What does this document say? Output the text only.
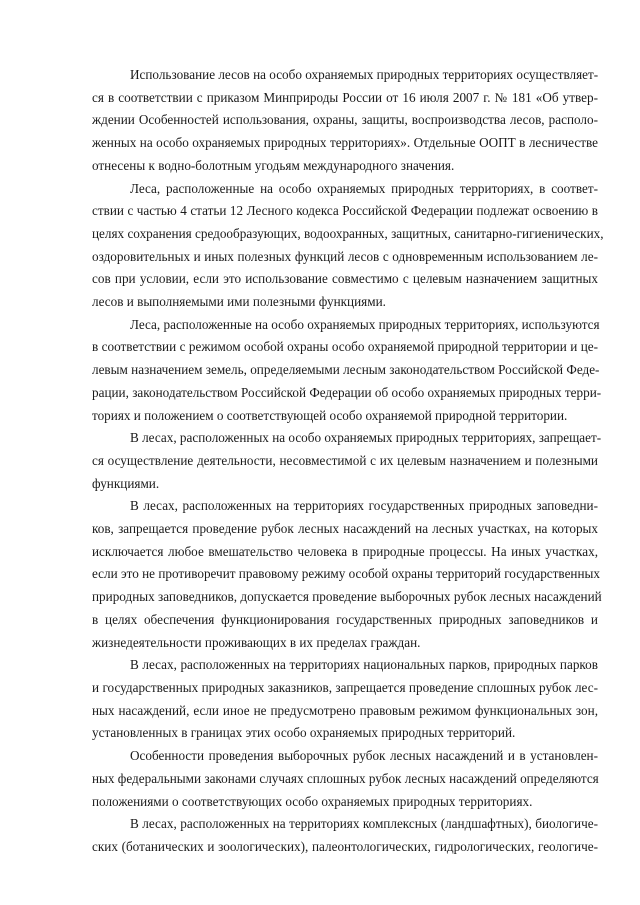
Использование лесов на особо охраняемых природных территориях осуществляет-
ся в соответствии с приказом Минприроды России от 16 июля 2007 г. № 181 «Об утвер-
ждении Особенностей использования, охраны, защиты, воспроизводства лесов, располо-
женных на особо охраняемых природных территориях». Отдельные ООПТ в лесничестве
отнесены к водно-болотным угодьям международного значения.
Леса, расположенные на особо охраняемых природных территориях, в соответ-
ствии с частью 4 статьи 12 Лесного кодекса Российской Федерации подлежат освоению в
целях сохранения средообразующих, водоохранных, защитных, санитарно-гигиенических,
оздоровительных и иных полезных функций лесов с одновременным использованием ле-
сов при условии, если это использование совместимо с целевым назначением защитных
лесов и выполняемыми ими полезными функциями.
Леса, расположенные на особо охраняемых природных территориях, используются
в соответствии с режимом особой охраны особо охраняемой природной территории и це-
левым назначением земель, определяемыми лесным законодательством Российской Феде-
рации, законодательством Российской Федерации об особо охраняемых природных терри-
ториях и положением о соответствующей особо охраняемой природной территории.
В лесах, расположенных на особо охраняемых природных территориях, запрещает-
ся осуществление деятельности, несовместимой с их целевым назначением и полезными
функциями.
В лесах, расположенных на территориях государственных природных заповедни-
ков, запрещается проведение рубок лесных насаждений на лесных участках, на которых
исключается любое вмешательство человека в природные процессы. На иных участках,
если это не противоречит правовому режиму особой охраны территорий государственных
природных заповедников, допускается проведение выборочных рубок лесных насаждений
в целях обеспечения функционирования государственных природных заповедников и
жизнедеятельности проживающих в их пределах граждан.
В лесах, расположенных на территориях национальных парков, природных парков
и государственных природных заказников, запрещается проведение сплошных рубок лес-
ных насаждений, если иное не предусмотрено правовым режимом функциональных зон,
установленных в границах этих особо охраняемых природных территорий.
Особенности проведения выборочных рубок лесных насаждений и в установлен-
ных федеральными законами случаях сплошных рубок лесных насаждений определяются
положениями о соответствующих особо охраняемых природных территориях.
В лесах, расположенных на территориях комплексных (ландшафтных), биологиче-
ских (ботанических и зоологических), палеонтологических, гидрологических, геологиче-
